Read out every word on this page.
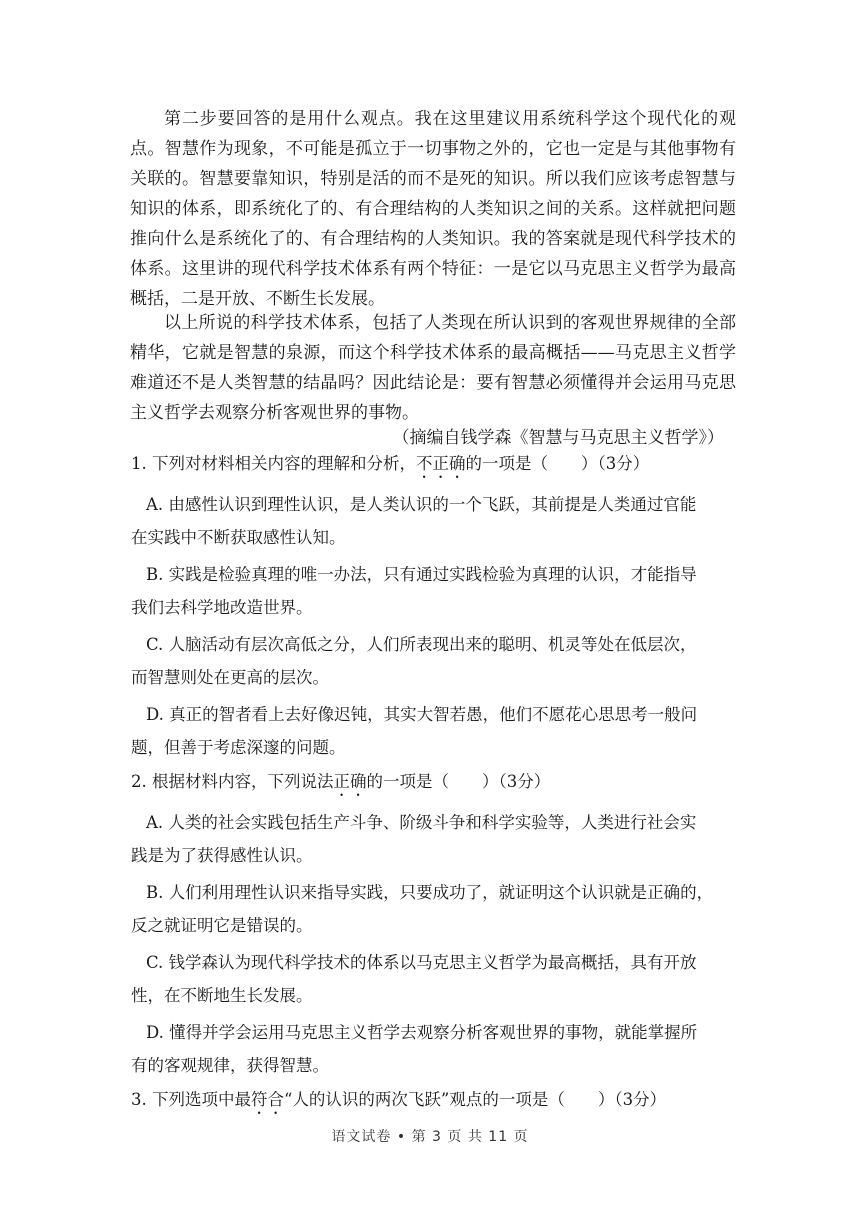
第二步要回答的是用什么观点。我在这里建议用系统科学这个现代化的观点。智慧作为现象，不可能是孤立于一切事物之外的，它也一定是与其他事物有关联的。智慧要靠知识，特别是活的而不是死的知识。所以我们应该考虑智慧与知识的体系，即系统化了的、有合理结构的人类知识之间的关系。这样就把问题推向什么是系统化了的、有合理结构的人类知识。我的答案就是现代科学技术的体系。这里讲的现代科学技术体系有两个特征：一是它以马克思主义哲学为最高概括，二是开放、不断生长发展。
以上所说的科学技术体系，包括了人类现在所认识到的客观世界规律的全部精华，它就是智慧的泉源，而这个科学技术体系的最高概括——马克思主义哲学难道还不是人类智慧的结晶吗？因此结论是：要有智慧必须懂得并会运用马克思主义哲学去观察分析客观世界的事物。
（摘编自钱学森《智慧与马克思主义哲学》）
1. 下列对材料相关内容的理解和分析，不正确的一项是（　　）（3分）
A. 由感性认识到理性认识，是人类认识的一个飞跃，其前提是人类通过官能
在实践中不断获取感性认知。
B. 实践是检验真理的唯一办法，只有通过实践检验为真理的认识，才能指导
我们去科学地改造世界。
C. 人脑活动有层次高低之分，人们所表现出来的聪明、机灵等处在低层次，
而智慧则处在更高的层次。
D. 真正的智者看上去好像迟钝，其实大智若愚，他们不愿花心思思考一般问
题，但善于考虑深邃的问题。
2. 根据材料内容，下列说法正确的一项是（　　）（3分）
A. 人类的社会实践包括生产斗争、阶级斗争和科学实验等，人类进行社会实
践是为了获得感性认识。
B. 人们利用理性认识来指导实践，只要成功了，就证明这个认识就是正确的，
反之就证明它是错误的。
C. 钱学森认为现代科学技术的体系以马克思主义哲学为最高概括，具有开放
性，在不断地生长发展。
D. 懂得并学会运用马克思主义哲学去观察分析客观世界的事物，就能掌握所
有的客观规律，获得智慧。
3. 下列选项中最符合“人的认识的两次飞跃”观点的一项是（　　）（3分）
语文试卷 • 第 3 页 共 11 页
